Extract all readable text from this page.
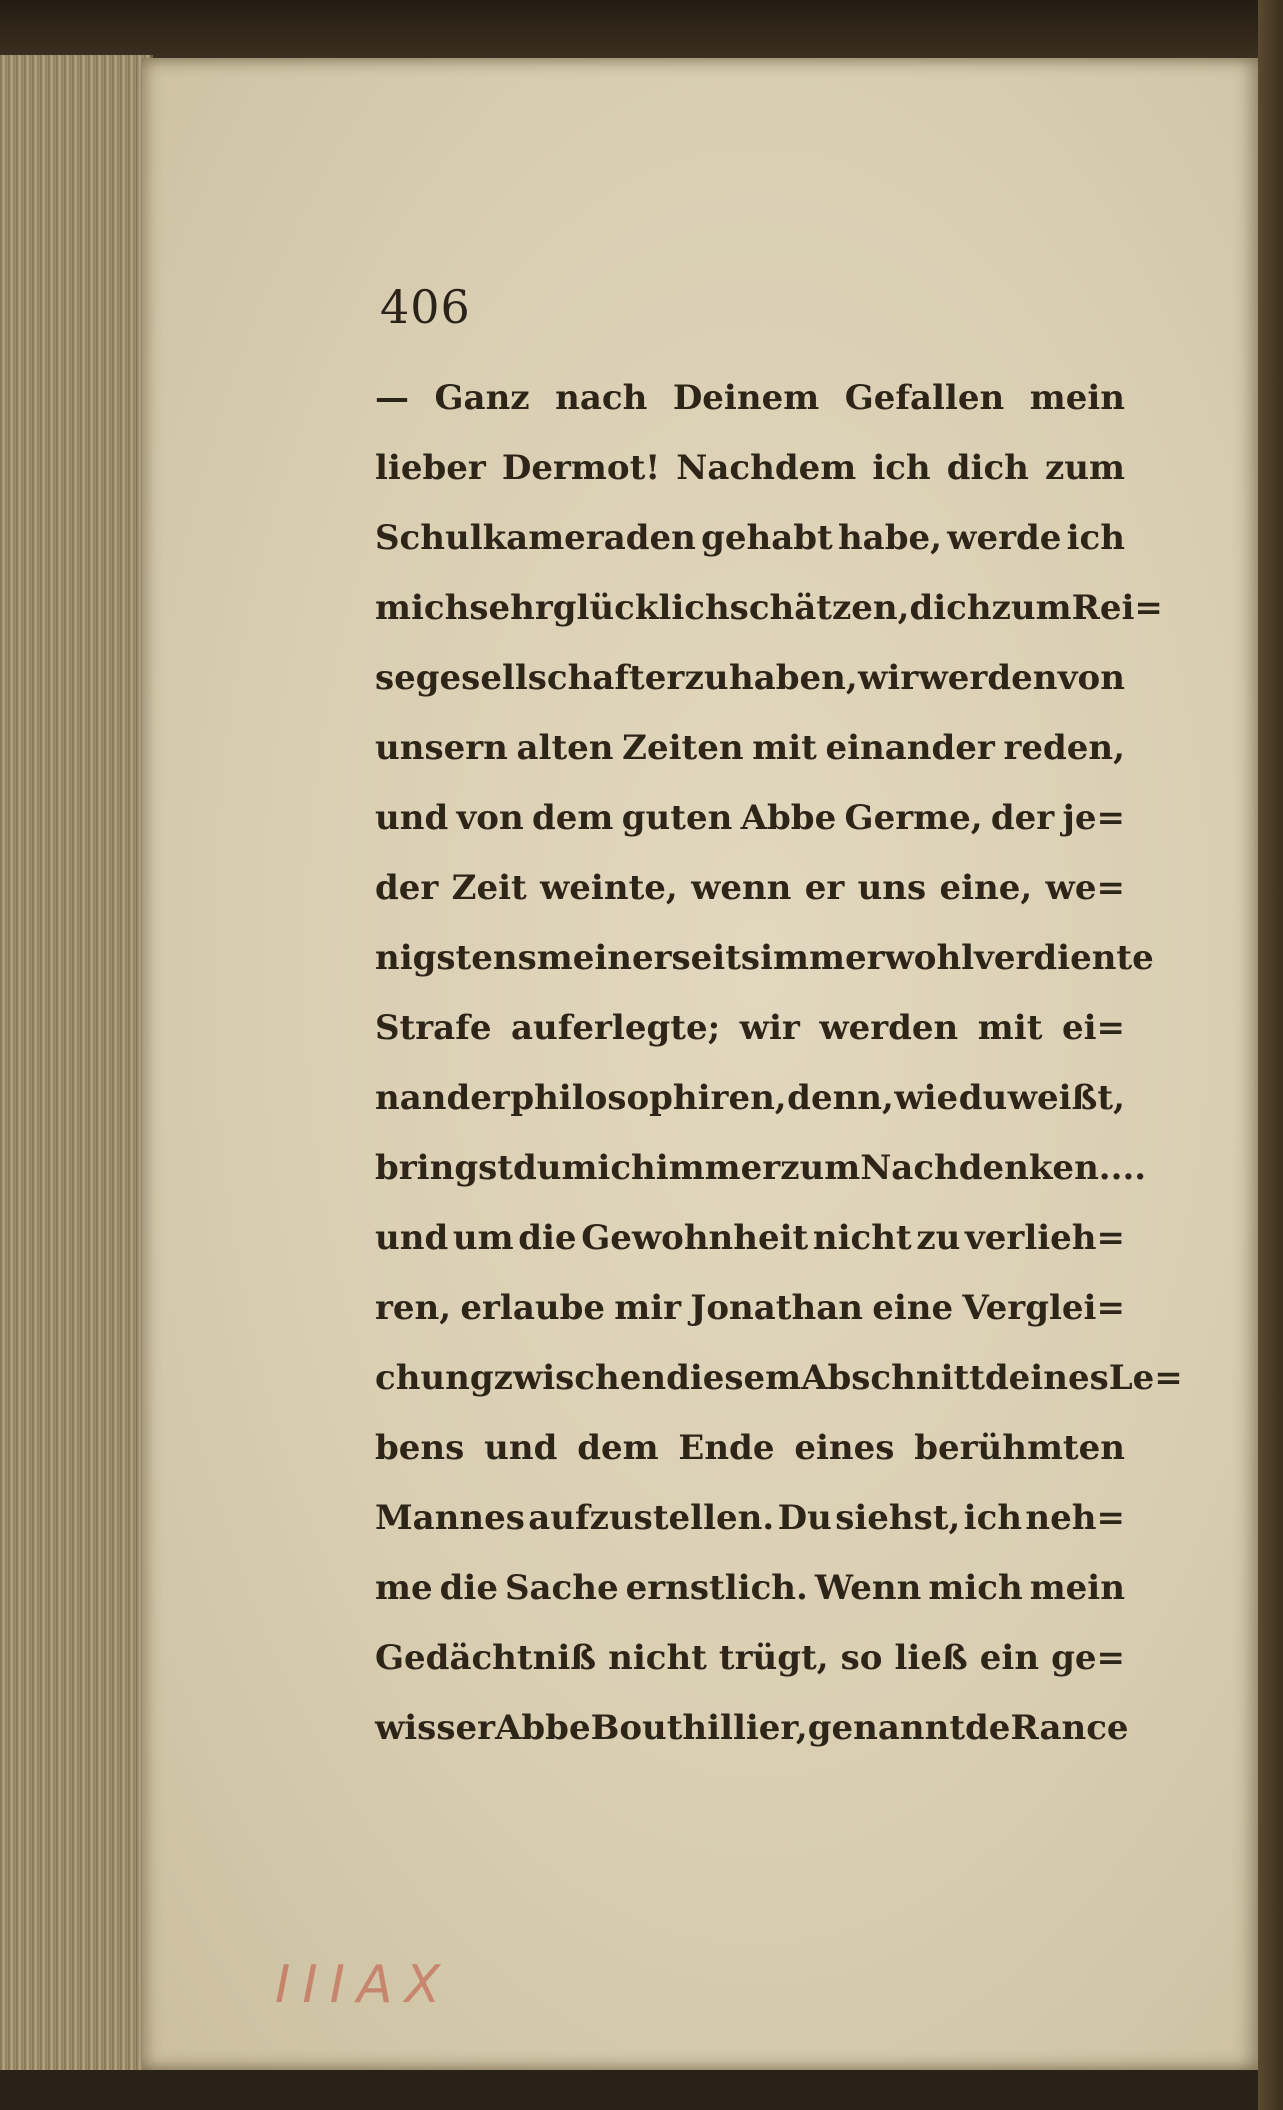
406
— Ganz nach Deinem Gefallen mein
lieber Dermot! Nachdem ich dich zum
Schulkameraden gehabt habe, werde ich
mich sehr glücklich schätzen, dich zum Rei=
segesellschafter zu haben, wir werden von
unsern alten Zeiten mit einander reden,
und von dem guten Abbe Germe, der je=
der Zeit weinte, wenn er uns eine, we=
nigstens meinerseits immer wohlverdiente
Strafe auferlegte; wir werden mit ei=
nander philosophiren, denn, wie du weißt,
bringst du mich immer zum Nachdenken....
und um die Gewohnheit nicht zu verlieh=
ren, erlaube mir Jonathan eine Verglei=
chung zwischen diesem Abschnitt deines Le=
bens und dem Ende eines berühmten
Mannes aufzustellen. Du siehst, ich neh=
me die Sache ernstlich. Wenn mich mein
Gedächtniß nicht trügt, so ließ ein ge=
wisser Abbe Bouthillier, genannt de Rance
IIIAX
